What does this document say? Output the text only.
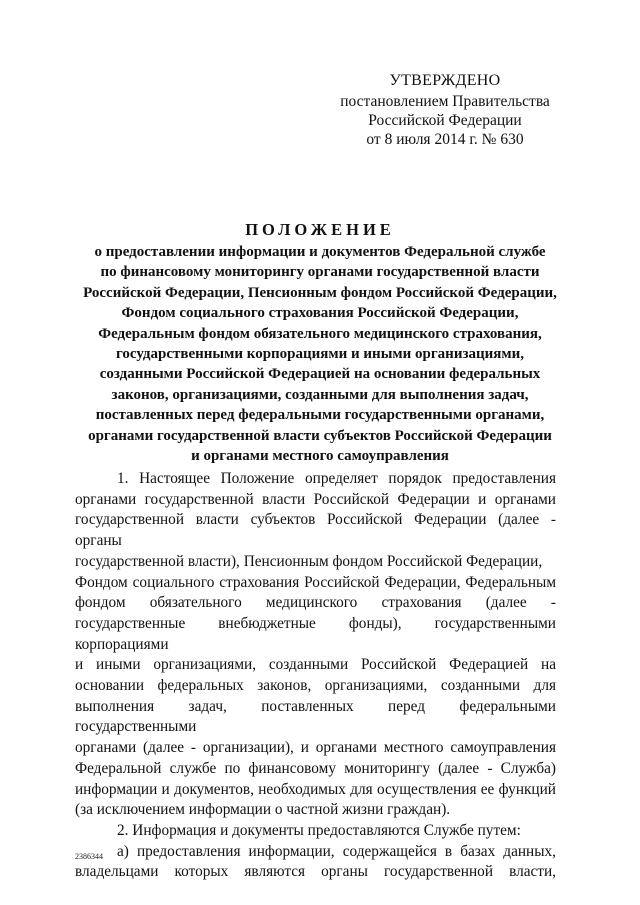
УТВЕРЖДЕНО
постановлением Правительства
Российской Федерации
от 8 июля 2014 г. № 630
ПОЛОЖЕНИЕ
о предоставлении информации и документов Федеральной службе
по финансовому мониторингу органами государственной власти
Российской Федерации, Пенсионным фондом Российской Федерации,
Фондом социального страхования Российской Федерации,
Федеральным фондом обязательного медицинского страхования,
государственными корпорациями и иными организациями,
созданными Российской Федерацией на основании федеральных
законов, организациями, созданными для выполнения задач,
поставленных перед федеральными государственными органами,
органами государственной власти субъектов Российской Федерации
и органами местного самоуправления
1. Настоящее Положение определяет порядок предоставления
органами государственной власти Российской Федерации и органами
государственной власти субъектов Российской Федерации (далее - органы
государственной власти), Пенсионным фондом Российской Федерации,
Фондом социального страхования Российской Федерации, Федеральным
фондом обязательного медицинского страхования (далее -
государственные внебюджетные фонды), государственными корпорациями
и иными организациями, созданными Российской Федерацией на
основании федеральных законов, организациями, созданными для
выполнения задач, поставленных перед федеральными государственными
органами (далее - организации), и органами местного самоуправления
Федеральной службе по финансовому мониторингу (далее - Служба)
информации и документов, необходимых для осуществления ее функций
(за исключением информации о частной жизни граждан).
2. Информация и документы предоставляются Службе путем:
а) предоставления информации, содержащейся в базах данных,
владельцами которых являются органы государственной власти,
2386344
